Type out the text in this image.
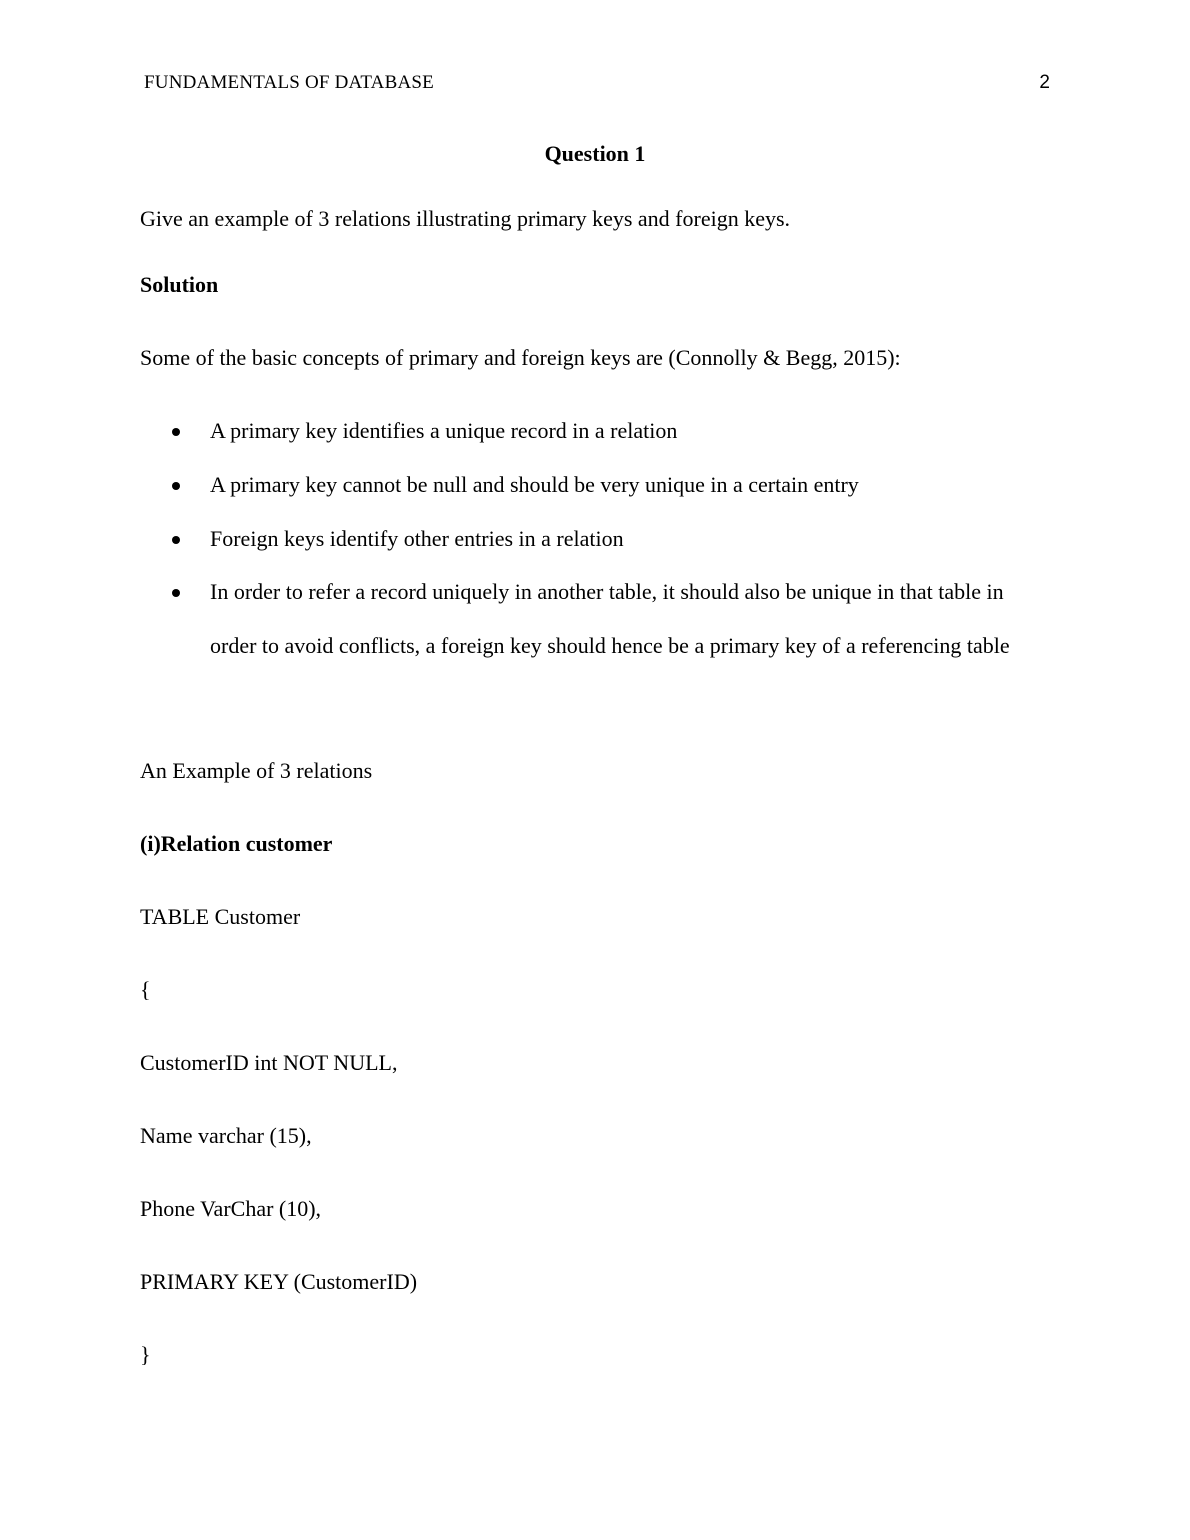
FUNDAMENTALS OF DATABASE	2
Question 1
Give an example of 3 relations illustrating primary keys and foreign keys.
Solution
Some of the basic concepts of primary and foreign keys are (Connolly & Begg, 2015):
A primary key identifies a unique record in a relation
A primary key cannot be null and should be very unique in a certain entry
Foreign keys identify other entries in a relation
In order to refer a record uniquely in another table, it should also be unique in that table in order to avoid conflicts, a foreign key should hence be a primary key of a referencing table
An Example of 3 relations
(i)Relation customer
TABLE Customer
{
CustomerID int NOT NULL,
Name varchar (15),
Phone VarChar (10),
PRIMARY KEY (CustomerID)
}
